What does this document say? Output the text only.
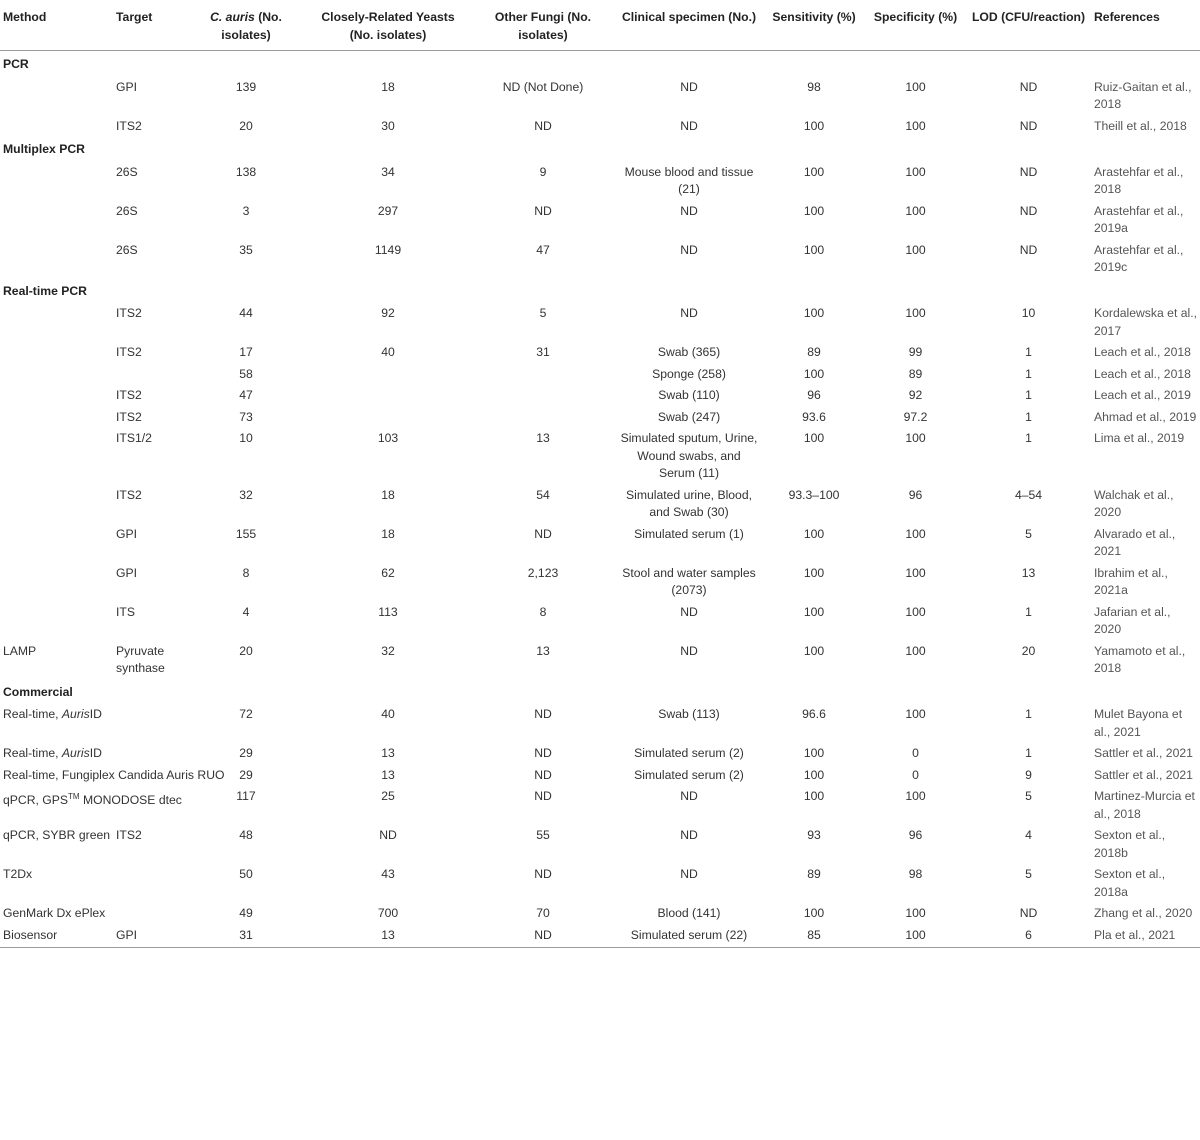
Method	Target	C. auris (No. isolates)	Closely-Related Yeasts (No. isolates)	Other Fungi (No. isolates)	Clinical specimen (No.)	Sensitivity (%)	Specificity (%)	LOD (CFU/reaction)	References
PCR									
	GPI	139	18	ND (Not Done)	ND	98	100	ND	Ruiz-Gaitan et al., 2018
	ITS2	20	30	ND	ND	100	100	ND	Theill et al., 2018
Multiplex PCR									
	26S	138	34	9	Mouse blood and tissue (21)	100	100	ND	Arastehfar et al., 2018
	26S	3	297	ND	ND	100	100	ND	Arastehfar et al., 2019a
	26S	35	1149	47	ND	100	100	ND	Arastehfar et al., 2019c
Real-time PCR									
	ITS2	44	92	5	ND	100	100	10	Kordalewska et al., 2017
	ITS2	17	40	31	Swab (365)	89	99	1	Leach et al., 2018
		58			Sponge (258)	100	89	1	Leach et al., 2018
	ITS2	47			Swab (110)	96	92	1	Leach et al., 2019
	ITS2	73			Swab (247)	93.6	97.2	1	Ahmad et al., 2019
	ITS1/2	10	103	13	Simulated sputum, Urine, Wound swabs, and Serum (11)	100	100	1	Lima et al., 2019
	ITS2	32	18	54	Simulated urine, Blood, and Swab (30)	93.3–100	96	4–54	Walchak et al., 2020
	GPI	155	18	ND	Simulated serum (1)	100	100	5	Alvarado et al., 2021
	GPI	8	62	2,123	Stool and water samples (2073)	100	100	13	Ibrahim et al., 2021a
	ITS	4	113	8	ND	100	100	1	Jafarian et al., 2020
LAMP	Pyruvate synthase	20	32	13	ND	100	100	20	Yamamoto et al., 2018
Commercial									
Real-time, AurisID		72	40	ND	Swab (113)	96.6	100	1	Mulet Bayona et al., 2021
Real-time, AurisID		29	13	ND	Simulated serum (2)	100	0	1	Sattler et al., 2021
Real-time, Fungiplex Candida Auris RUO		29	13	ND	Simulated serum (2)	100	0	9	Sattler et al., 2021
qPCR, GPS™ MONODOSE dtec		117	25	ND	ND	100	100	5	Martinez-Murcia et al., 2018
qPCR, SYBR green	ITS2	48	ND	55	ND	93	96	4	Sexton et al., 2018b
T2Dx		50	43	ND	ND	89	98	5	Sexton et al., 2018a
GenMark Dx ePlex		49	700	70	Blood (141)	100	100	ND	Zhang et al., 2020
Biosensor	GPI	31	13	ND	Simulated serum (22)	85	100	6	Pla et al., 2021
